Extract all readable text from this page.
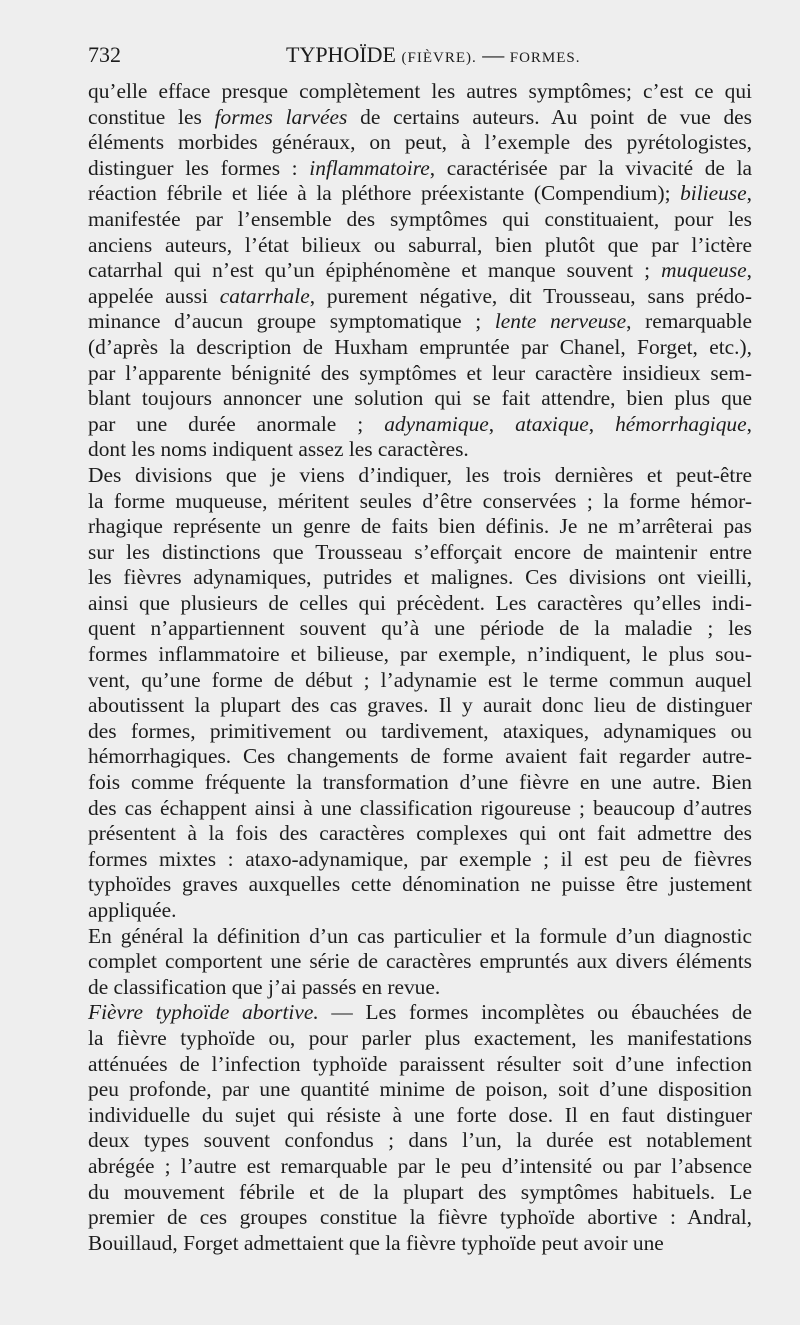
732	TYPHOÏDE (FIÈVRE). — FORMES.

qu’elle efface presque complètement les autres symptômes; c’est ce qui

constitue les formes larvées de certains auteurs. Au point de vue des

éléments morbides généraux, on peut, à l’exemple des pyrétologistes,

distinguer les formes : inflammatoire, caractérisée par la vivacité de la

réaction fébrile et liée à la pléthore préexistante (Compendium); bilieuse,

manifestée par l’ensemble des symptômes qui constituaient, pour les

anciens auteurs, l’état bilieux ou saburral, bien plutôt que par l’ictère

catarrhal qui n’est qu’un épiphénomène et manque souvent ; muqueuse,

appelée aussi catarrhale, purement négative, dit Trousseau, sans prédo-

minance d’aucun groupe symptomatique ; lente nerveuse, remarquable

(d’après la description de Huxham empruntée par Chanel, Forget, etc.),

par l’apparente bénignité des symptômes et leur caractère insidieux sem-

blant toujours annoncer une solution qui se fait attendre, bien plus que

par une durée anormale ; adynamique, ataxique, hémorrhagique,

dont les noms indiquent assez les caractères.

Des divisions que je viens d’indiquer, les trois dernières et peut-être

la forme muqueuse, méritent seules d’être conservées ; la forme hémor-

rhagique représente un genre de faits bien définis. Je ne m’arrêterai pas

sur les distinctions que Trousseau s’efforçait encore de maintenir entre

les fièvres adynamiques, putrides et malignes. Ces divisions ont vieilli,

ainsi que plusieurs de celles qui précèdent. Les caractères qu’elles indi-

quent n’appartiennent souvent qu’à une période de la maladie ; les

formes inflammatoire et bilieuse, par exemple, n’indiquent, le plus sou-

vent, qu’une forme de début ; l’adynamie est le terme commun auquel

aboutissent la plupart des cas graves. Il y aurait donc lieu de distinguer

des formes, primitivement ou tardivement, ataxiques, adynamiques ou

hémorrhagiques. Ces changements de forme avaient fait regarder autre-

fois comme fréquente la transformation d’une fièvre en une autre. Bien

des cas échappent ainsi à une classification rigoureuse ; beaucoup d’autres

présentent à la fois des caractères complexes qui ont fait admettre des

formes mixtes : ataxo-adynamique, par exemple ; il est peu de fièvres

typhoïdes graves auxquelles cette dénomination ne puisse être justement

appliquée.

En général la définition d’un cas particulier et la formule d’un diagnostic

complet comportent une série de caractères empruntés aux divers éléments

de classification que j’ai passés en revue.

Fièvre typhoïde abortive. — Les formes incomplètes ou ébauchées de

la fièvre typhoïde ou, pour parler plus exactement, les manifestations

atténuées de l’infection typhoïde paraissent résulter soit d’une infection

peu profonde, par une quantité minime de poison, soit d’une disposition

individuelle du sujet qui résiste à une forte dose. Il en faut distinguer

deux types souvent confondus ; dans l’un, la durée est notablement

abrégée ; l’autre est remarquable par le peu d’intensité ou par l’absence

du mouvement fébrile et de la plupart des symptômes habituels. Le

premier de ces groupes constitue la fièvre typhoïde abortive : Andral,

Bouillaud, Forget admettaient que la fièvre typhoïde peut avoir une
